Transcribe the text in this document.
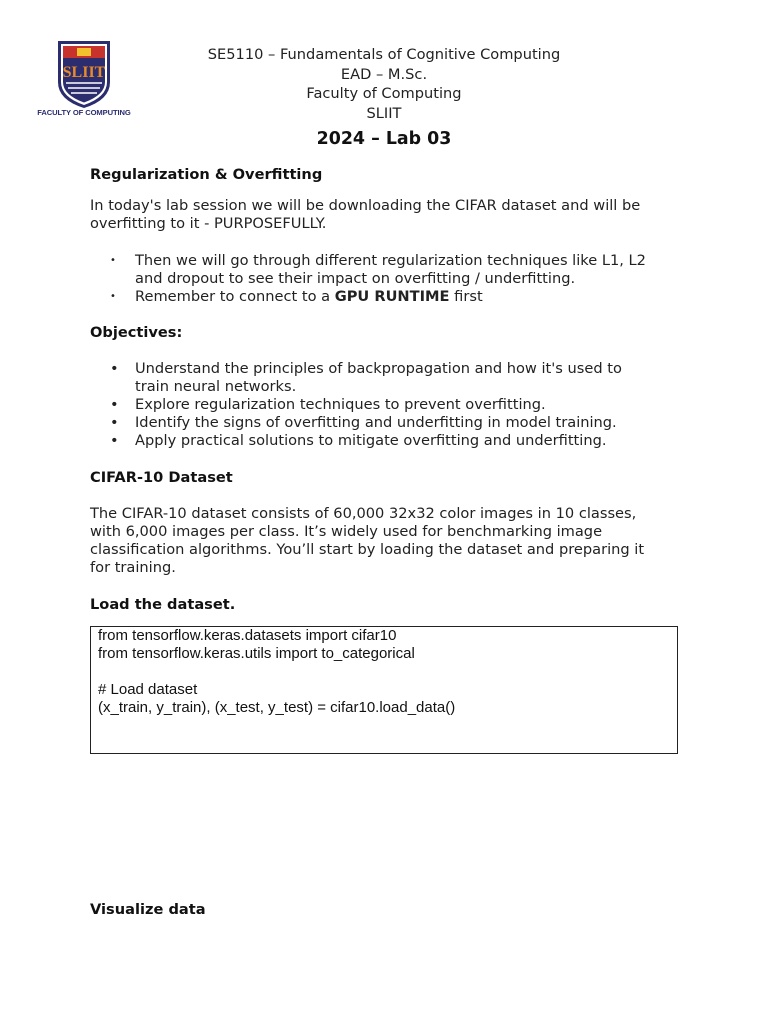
SLIIT
FACULTY OF COMPUTING
SE5110 – Fundamentals of Cognitive Computing
EAD – M.Sc.
Faculty of Computing
SLIIT
2024 – Lab 03
Regularization & Overfitting
In today's lab session we will be downloading the CIFAR dataset and will be
overfitting to it - PURPOSEFULLY.
• Then we will go through different regularization techniques like L1, L2
and dropout to see their impact on overfitting / underfitting.
• Remember to connect to a GPU RUNTIME first
Objectives:
• Understand the principles of backpropagation and how it's used to
train neural networks.
• Explore regularization techniques to prevent overfitting.
• Identify the signs of overfitting and underfitting in model training.
• Apply practical solutions to mitigate overfitting and underfitting.
CIFAR-10 Dataset
The CIFAR-10 dataset consists of 60,000 32x32 color images in 10 classes,
with 6,000 images per class. It’s widely used for benchmarking image
classification algorithms. You’ll start by loading the dataset and preparing it
for training.
Load the dataset.
from tensorflow.keras.datasets import cifar10
from tensorflow.keras.utils import to_categorical
# Load dataset
(x_train, y_train), (x_test, y_test) = cifar10.load_data()
Visualize data
